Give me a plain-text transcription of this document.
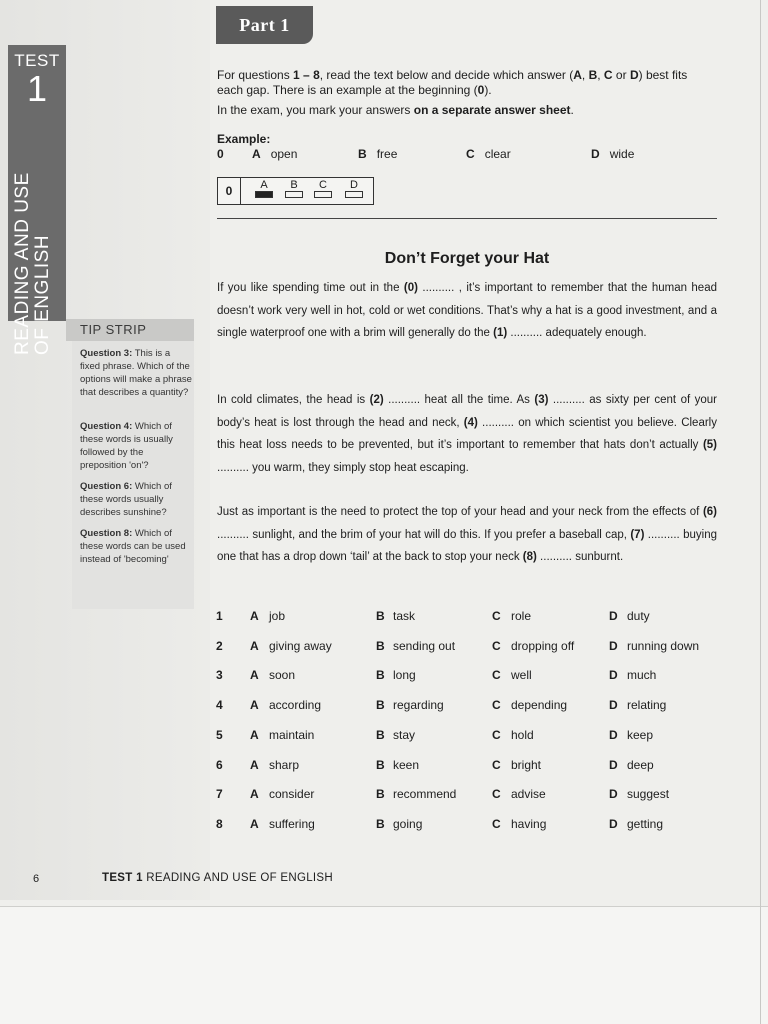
Part 1
TEST
1
READING AND USE OF ENGLISH TIP STRIP
Question 3: This is a fixed phrase. Which of the options will make a phrase that describes a quantity?
Question 4: Which of these words is usually followed by the preposition 'on'?
Question 6: Which of these words usually describes sunshine?
Question 8: Which of these words can be used instead of 'becoming'
For questions 1 – 8, read the text below and decide which answer (A, B, C or D) best fits
each gap. There is an example at the beginning (0).
In the exam, you mark your answers on a separate answer sheet.
Example:
0 A open	B free	C clear	D wide
0	A	B	C	D
Don’t Forget your Hat
If you like spending time out in the (0) .......... , it’s important to remember that the human head doesn’t work very well in hot, cold or wet conditions. That’s why a hat is a good investment, and a single waterproof one with a brim will generally do the (1) .......... adequately enough.
In cold climates, the head is (2) .......... heat all the time. As (3) .......... as sixty per cent of your body’s heat is lost through the head and neck, (4) .......... on which scientist you believe. Clearly this heat loss needs to be prevented, but it’s important to remember that hats don’t actually (5) .......... you warm, they simply stop heat escaping.
Just as important is the need to protect the top of your head and your neck from the effects of (6) .......... sunlight, and the brim of your hat will do this. If you prefer a baseball cap, (7) .......... buying one that has a drop down ‘tail’ at the back to stop your neck (8) .......... sunburnt.
1 A job	B task	C role	D duty
2 A giving away	B sending out	C dropping off	D running down
3 A soon	B long	C well	D much
4 A according	B regarding	C depending	D relating
5 A maintain	B stay	C hold	D keep
6 A sharp	B keen	C bright	D deep
7 A consider	B recommend	C advise	D suggest
8 A suffering	B going	C having	D getting
6	TEST 1 READING AND USE OF ENGLISH
